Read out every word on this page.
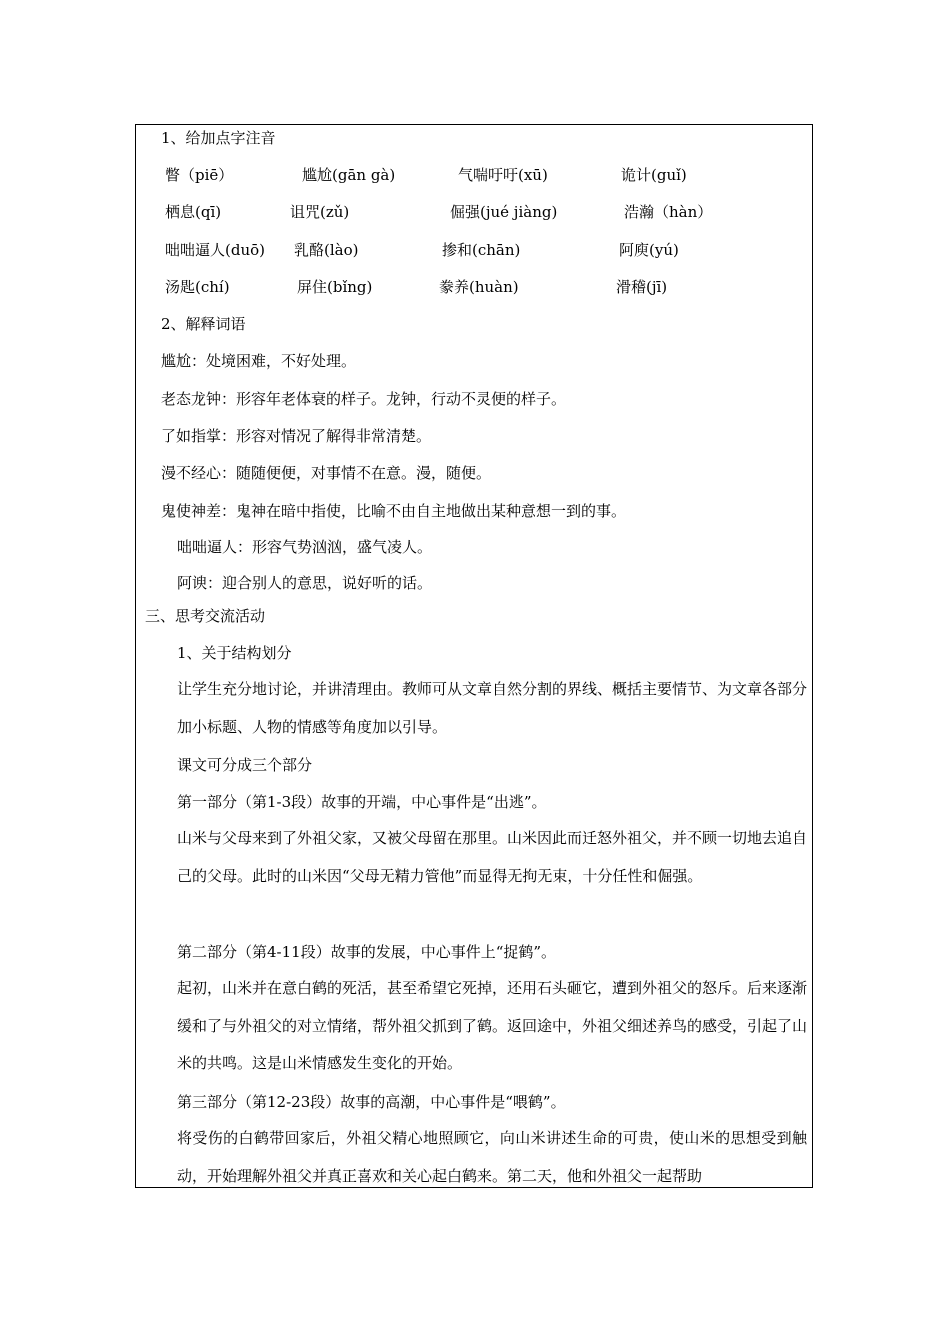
1、给加点字注音
瞥（piē）	尴尬(gān gà)	气喘吁吁(xū)	诡计(guǐ)
栖息(qī)	诅咒(zǔ)	倔强(jué jiàng)	浩瀚（hàn）
咄咄逼人(duō) 乳酪(lào)	掺和(chān)	阿庾(yú)
汤匙(chí)	屏住(bǐng)	豢养(huàn)	滑稽(jī)
2、解释词语
尴尬：处境困难，不好处理。
老态龙钟：形容年老体衰的样子。龙钟，行动不灵便的样子。
了如指掌：形容对情况了解得非常清楚。
漫不经心：随随便便，对事情不在意。漫，随便。
鬼使神差：鬼神在暗中指使，比喻不由自主地做出某种意想一到的事。
咄咄逼人：形容气势汹汹，盛气凌人。
阿谀：迎合别人的意思，说好听的话。
三、思考交流活动
1、关于结构划分
让学生充分地讨论，并讲清理由。教师可从文章自然分割的界线、概括主要情节、为文章各部分加小标题、人物的情感等角度加以引导。
课文可分成三个部分
第一部分（第1-3段）故事的开端，中心事件是“出逃”。
山米与父母来到了外祖父家，又被父母留在那里。山米因此而迁怒外祖父，并不顾一切地去追自己的父母。此时的山米因“父母无精力管他”而显得无拘无束，十分任性和倔强。
第二部分（第4-11段）故事的发展，中心事件上“捉鹤”。
起初，山米并在意白鹤的死活，甚至希望它死掉，还用石头砸它，遭到外祖父的怒斥。后来逐渐缓和了与外祖父的对立情绪，帮外祖父抓到了鹤。返回途中，外祖父细述养鸟的感受，引起了山米的共鸣。这是山米情感发生变化的开始。
第三部分（第12-23段）故事的高潮，中心事件是“喂鹤”。
将受伤的白鹤带回家后，外祖父精心地照顾它，向山米讲述生命的可贵，使山米的思想受到触动，开始理解外祖父并真正喜欢和关心起白鹤来。第二天，他和外祖父一起帮助
